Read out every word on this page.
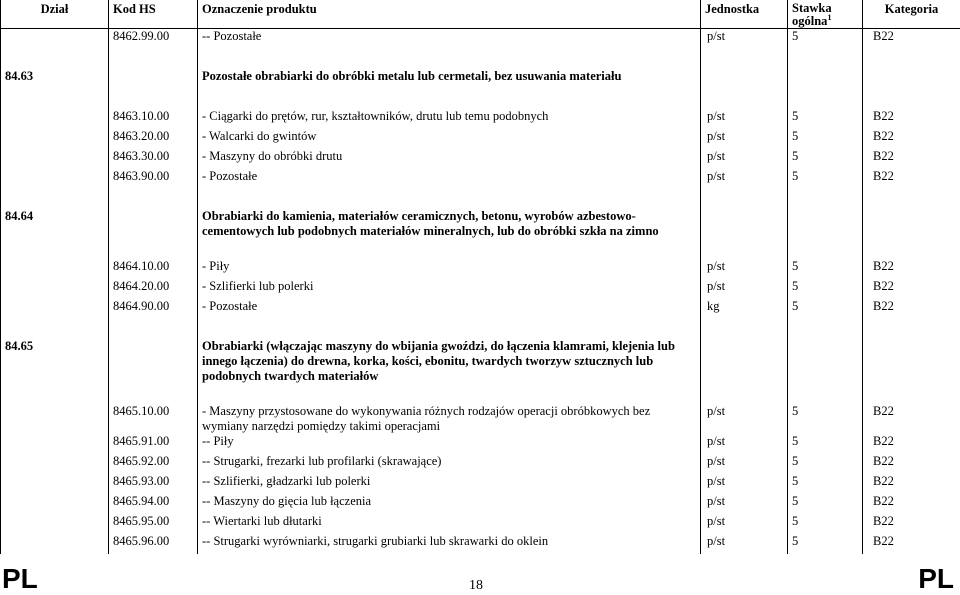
Dział	Kod HS	Oznaczenie produktu	Jednostka	Stawka ogólna$^1$	Kategoria
	8462.99.00	-- Pozostałe	p/st	5	B22

84.63		Pozostałe obrabiarki do obróbki metalu lub cermetali, bez usuwania materiału			

	8463.10.00	- Ciągarki do prętów, rur, kształtowników, drutu lub temu podobnych	p/st	5	B22
	8463.20.00	- Walcarki do gwintów	p/st	5	B22
	8463.30.00	- Maszyny do obróbki drutu	p/st	5	B22
	8463.90.00	- Pozostałe	p/st	5	B22

84.64		Obrabiarki do kamienia, materiałów ceramicznych, betonu, wyrobów azbestowo-cementowych lub podobnych materiałów mineralnych, lub do obróbki szkła na zimno			

	8464.10.00	- Piły	p/st	5	B22
	8464.20.00	- Szlifierki lub polerki	p/st	5	B22
	8464.90.00	- Pozostałe	kg	5	B22

84.65		Obrabiarki (włączając maszyny do wbijania gwoździ, do łączenia klamrami, klejenia lub innego łączenia) do drewna, korka, kości, ebonitu, twardych tworzyw sztucznych lub podobnych twardych materiałów			

	8465.10.00	- Maszyny przystosowane do wykonywania różnych rodzajów operacji obróbkowych bez wymiany narzędzi pomiędzy takimi operacjami	p/st	5	B22
	8465.91.00	-- Piły	p/st	5	B22
	8465.92.00	-- Strugarki, frezarki lub profilarki (skrawające)	p/st	5	B22
	8465.93.00	-- Szlifierki, gładzarki lub polerki	p/st	5	B22
	8465.94.00	-- Maszyny do gięcia lub łączenia	p/st	5	B22
	8465.95.00	-- Wiertarki lub dłutarki	p/st	5	B22
	8465.96.00	-- Strugarki wyrówniarki, strugarki grubiarki lub skrawarki do oklein	p/st	5	B22
PL	18	PL
